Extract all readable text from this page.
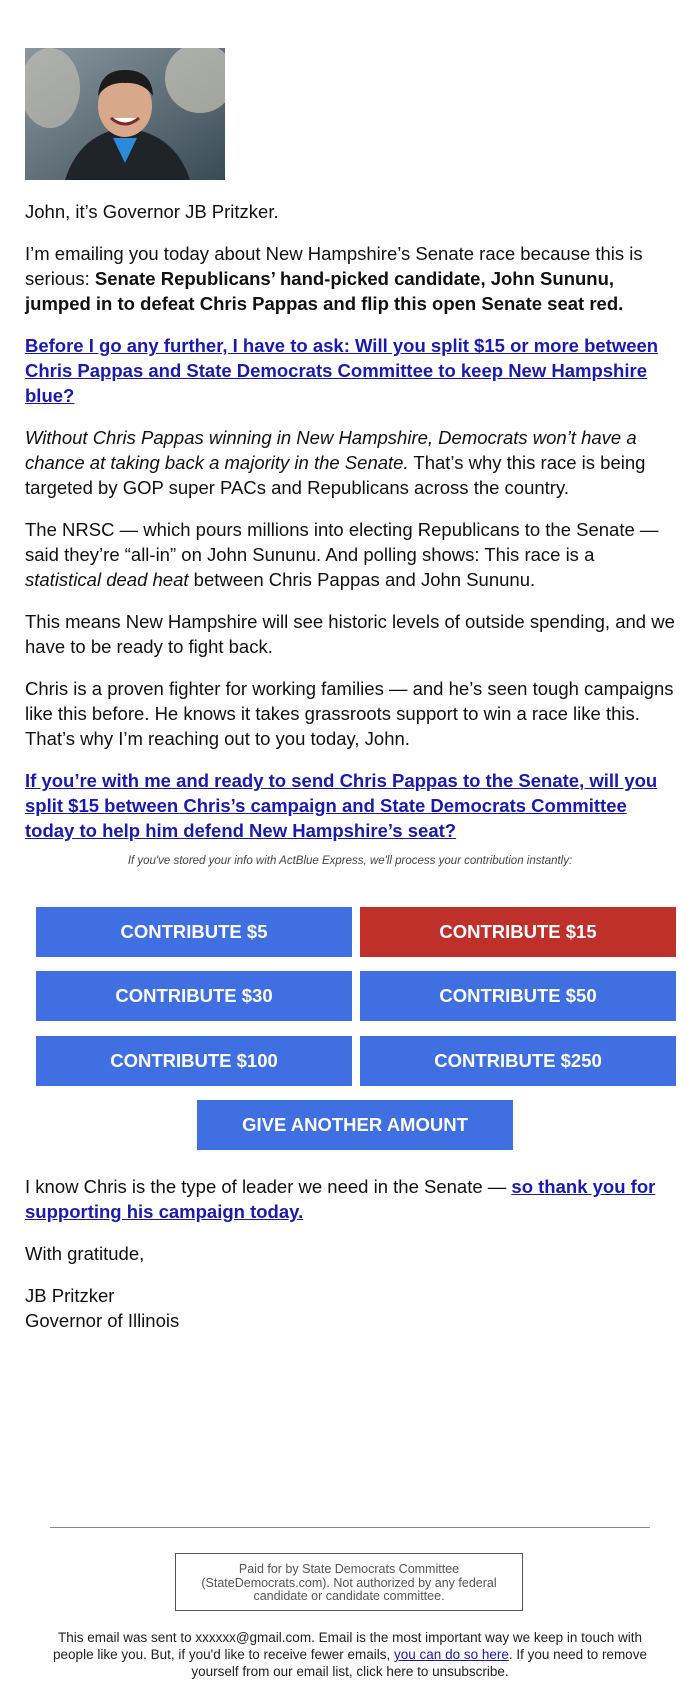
John, it’s Governor JB Pritzker.

I’m emailing you today about New Hampshire’s Senate race because this is serious: Senate Republicans’ hand-picked candidate, John Sununu, jumped in to defeat Chris Pappas and flip this open Senate seat red.

Before I go any further, I have to ask: Will you split $15 or more between Chris Pappas and State Democrats Committee to keep New Hampshire blue?

Without Chris Pappas winning in New Hampshire, Democrats won’t have a chance at taking back a majority in the Senate. That’s why this race is being targeted by GOP super PACs and Republicans across the country.

The NRSC — which pours millions into electing Republicans to the Senate — said they’re “all-in” on John Sununu. And polling shows: This race is a statistical dead heat between Chris Pappas and John Sununu.

This means New Hampshire will see historic levels of outside spending, and we have to be ready to fight back.

Chris is a proven fighter for working families — and he’s seen tough campaigns like this before. He knows it takes grassroots support to win a race like this. That’s why I’m reaching out to you today, John.

If you’re with me and ready to send Chris Pappas to the Senate, will you split $15 between Chris’s campaign and State Democrats Committee today to help him defend New Hampshire’s seat?

If you've stored your info with ActBlue Express, we'll process your contribution instantly:
CONTRIBUTE $5	CONTRIBUTE $15
CONTRIBUTE $30	CONTRIBUTE $50
CONTRIBUTE $100	CONTRIBUTE $250
GIVE ANOTHER AMOUNT

I know Chris is the type of leader we need in the Senate — so thank you for supporting his campaign today.

With gratitude,

JB Pritzker

Governor of Illinois

Paid for by State Democrats Committee (StateDemocrats.com). Not authorized by any federal candidate or candidate committee.
This email was sent to xxxxxx@gmail.com. Email is the most important way we keep in touch with people like you. But, if you'd like to receive fewer emails, you can do so here. If you need to remove yourself from our email list, click here to unsubscribe.
